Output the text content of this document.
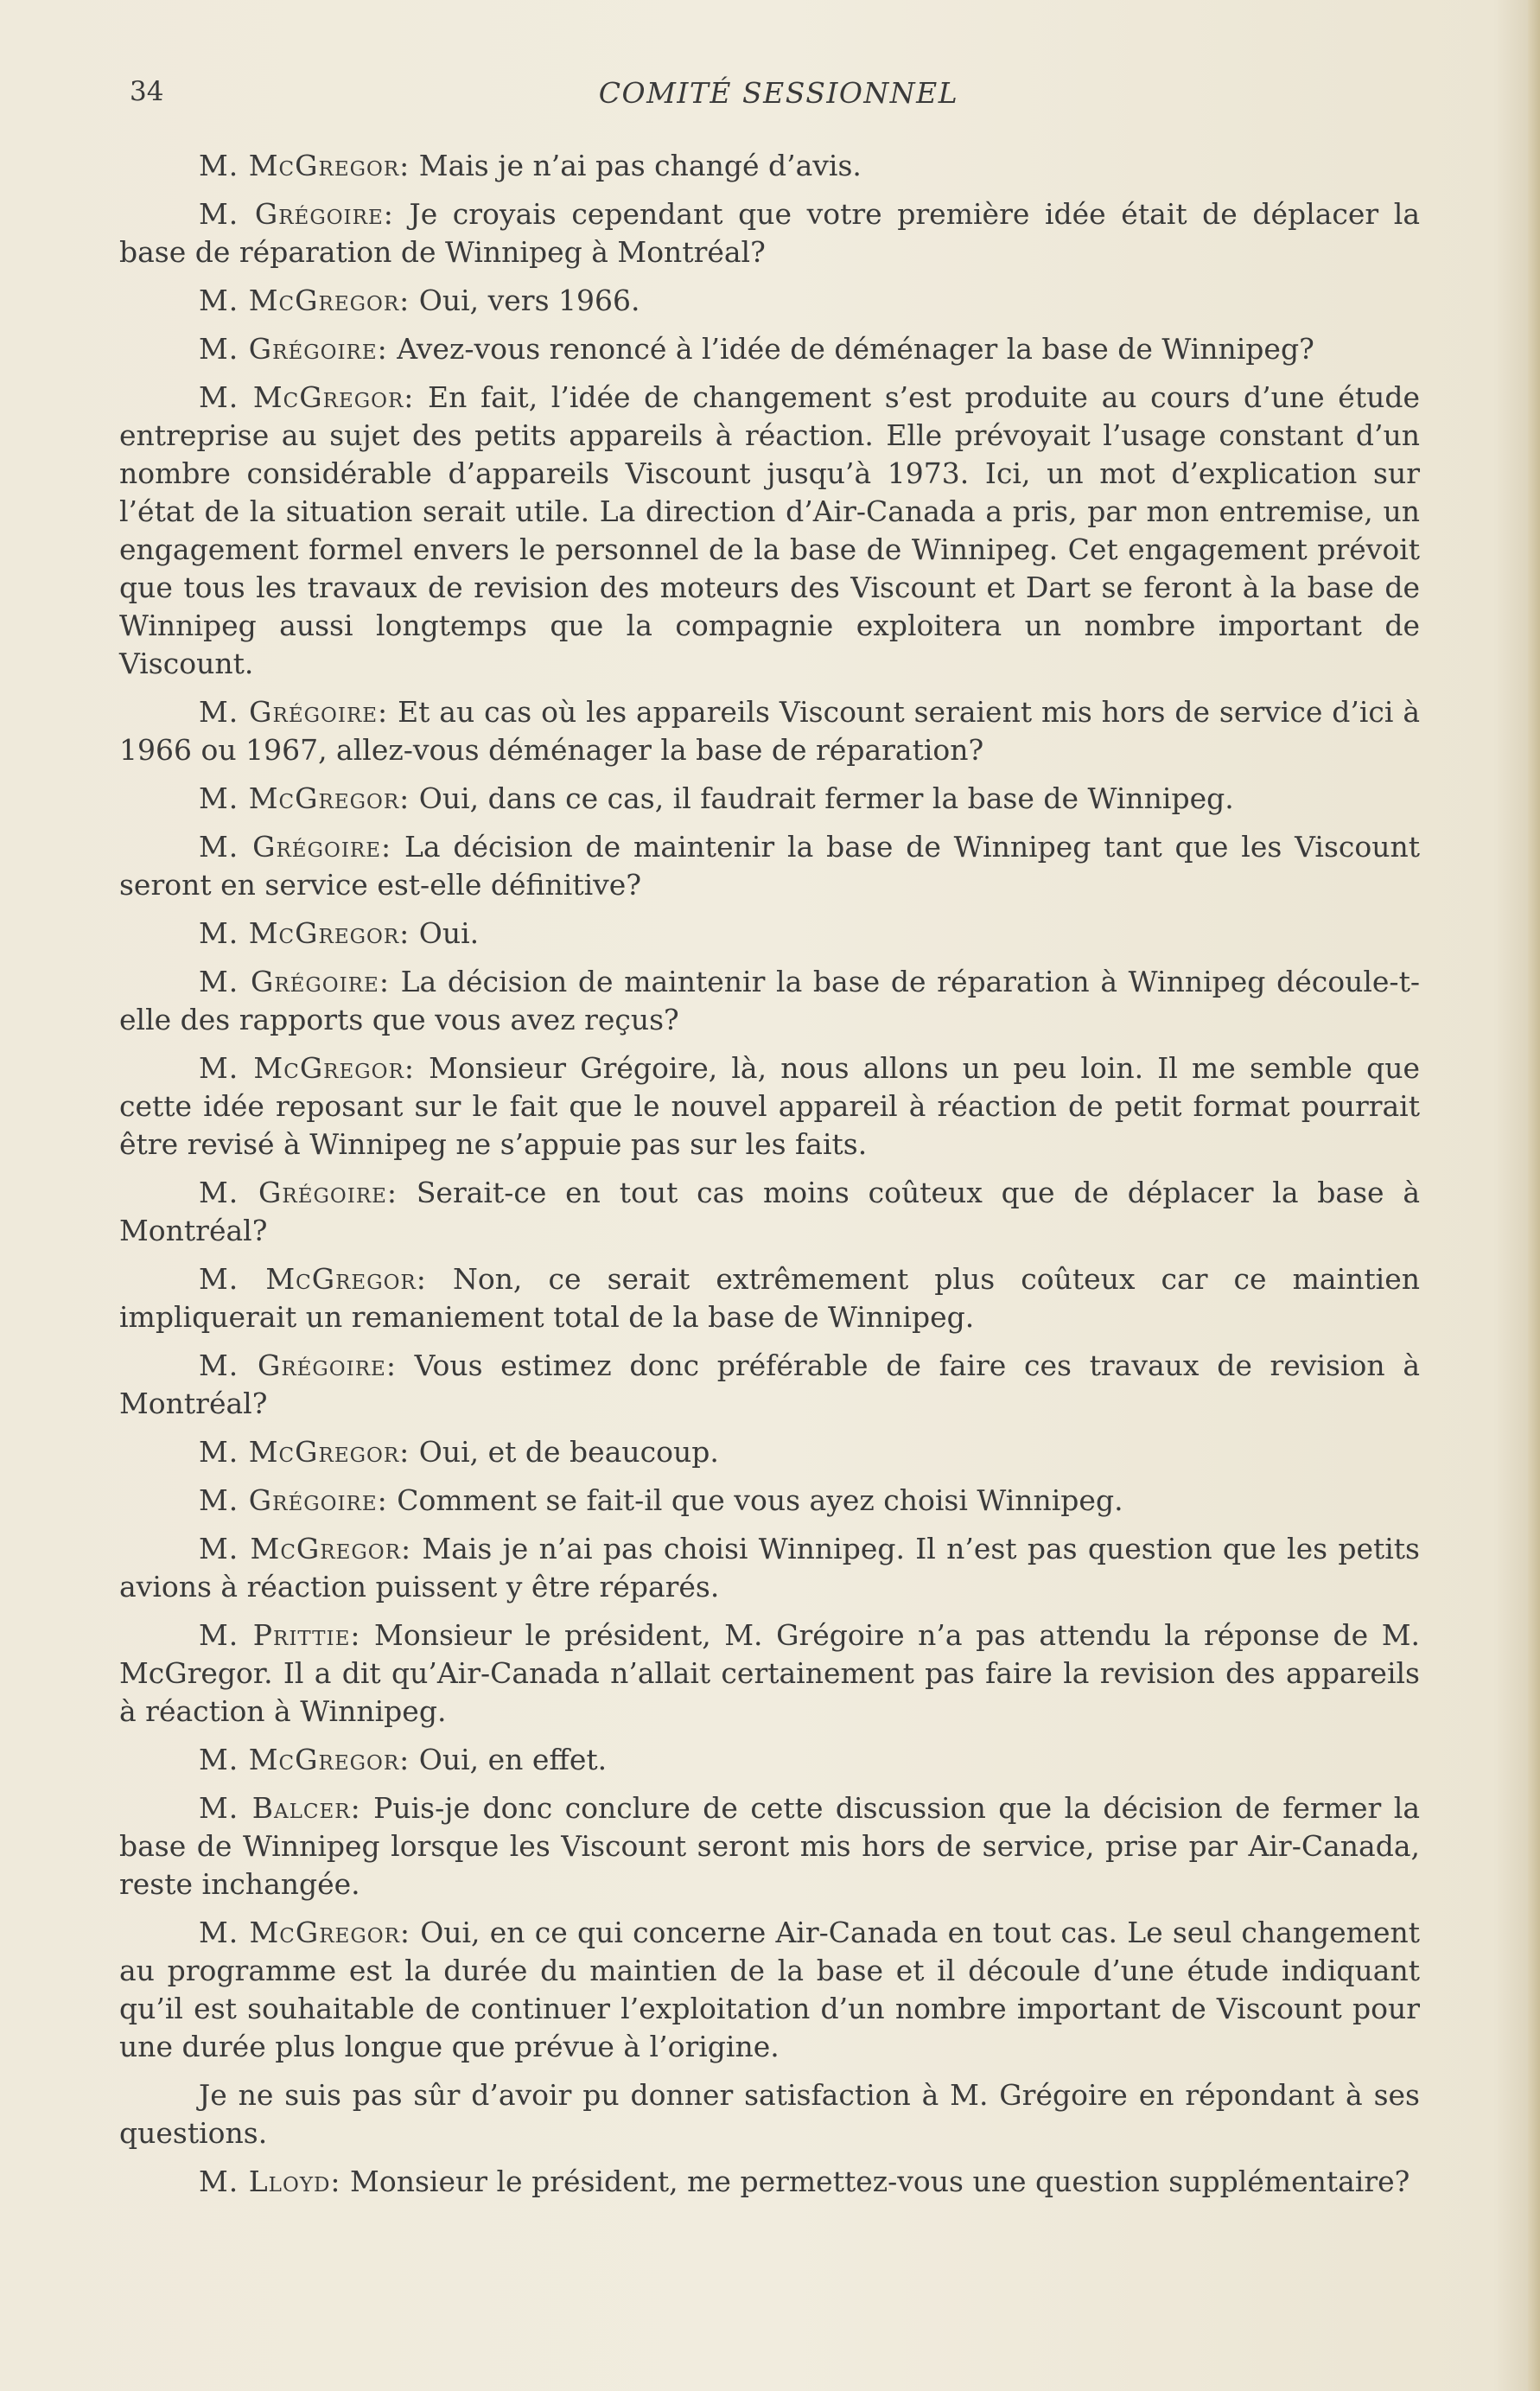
34	COMITÉ SESSIONNEL

M. McGregor: Mais je n’ai pas changé d’avis.

M. Grégoire: Je croyais cependant que votre première idée était de déplacer la base de réparation de Winnipeg à Montréal?

M. McGregor: Oui, vers 1966.

M. Grégoire: Avez-vous renoncé à l’idée de déménager la base de Winnipeg?

M. McGregor: En fait, l’idée de changement s’est produite au cours d’une étude entreprise au sujet des petits appareils à réaction. Elle prévoyait l’usage constant d’un nombre considérable d’appareils Viscount jusqu’à 1973. Ici, un mot d’explication sur l’état de la situation serait utile. La direction d’Air-Canada a pris, par mon entremise, un engagement formel envers le personnel de la base de Winnipeg. Cet engagement prévoit que tous les travaux de revision des moteurs des Viscount et Dart se feront à la base de Winnipeg aussi longtemps que la compagnie exploitera un nombre important de Viscount.

M. Grégoire: Et au cas où les appareils Viscount seraient mis hors de service d’ici à 1966 ou 1967, allez-vous déménager la base de réparation?

M. McGregor: Oui, dans ce cas, il faudrait fermer la base de Winnipeg.

M. Grégoire: La décision de maintenir la base de Winnipeg tant que les Viscount seront en service est-elle définitive?

M. McGregor: Oui.

M. Grégoire: La décision de maintenir la base de réparation à Winnipeg découle-t-elle des rapports que vous avez reçus?

M. McGregor: Monsieur Grégoire, là, nous allons un peu loin. Il me semble que cette idée reposant sur le fait que le nouvel appareil à réaction de petit format pourrait être revisé à Winnipeg ne s’appuie pas sur les faits.

M. Grégoire: Serait-ce en tout cas moins coûteux que de déplacer la base à Montréal?

M. McGregor: Non, ce serait extrêmement plus coûteux car ce maintien impliquerait un remaniement total de la base de Winnipeg.

M. Grégoire: Vous estimez donc préférable de faire ces travaux de revision à Montréal?

M. McGregor: Oui, et de beaucoup.

M. Grégoire: Comment se fait-il que vous ayez choisi Winnipeg.

M. McGregor: Mais je n’ai pas choisi Winnipeg. Il n’est pas question que les petits avions à réaction puissent y être réparés.

M. Prittie: Monsieur le président, M. Grégoire n’a pas attendu la réponse de M. McGregor. Il a dit qu’Air-Canada n’allait certainement pas faire la revision des appareils à réaction à Winnipeg.

M. McGregor: Oui, en effet.

M. Balcer: Puis-je donc conclure de cette discussion que la décision de fermer la base de Winnipeg lorsque les Viscount seront mis hors de service, prise par Air-Canada, reste inchangée.

M. McGregor: Oui, en ce qui concerne Air-Canada en tout cas. Le seul changement au programme est la durée du maintien de la base et il découle d’une étude indiquant qu’il est souhaitable de continuer l’exploitation d’un nombre important de Viscount pour une durée plus longue que prévue à l’origine.

Je ne suis pas sûr d’avoir pu donner satisfaction à M. Grégoire en répondant à ses questions.

M. Lloyd: Monsieur le président, me permettez-vous une question supplémentaire?
